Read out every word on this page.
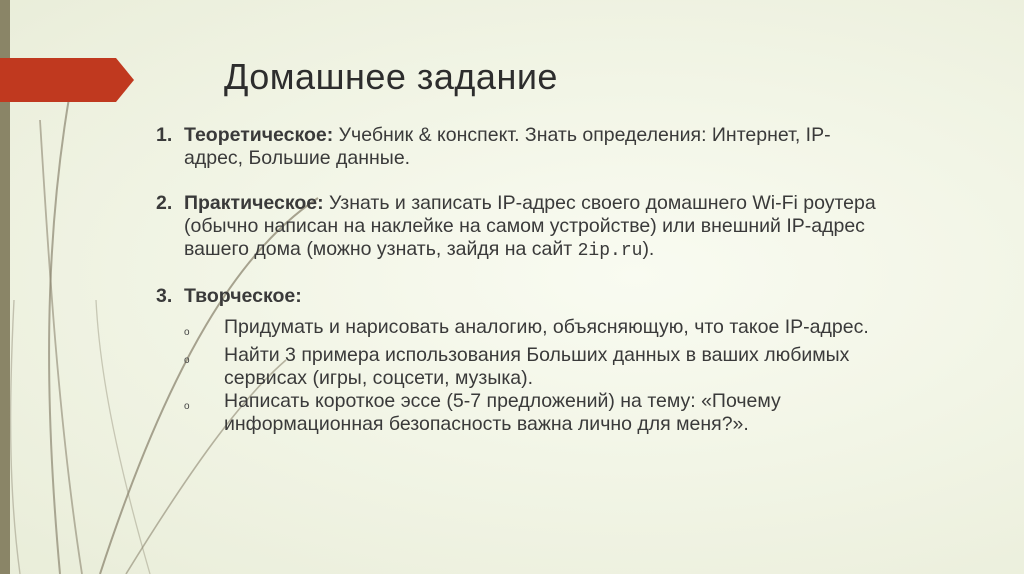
Домашнее задание
1. Теоретическое: Учебник & конспект. Знать определения: Интернет, IP-адрес, Большие данные.
2. Практическое: Узнать и записать IP-адрес своего домашнего Wi-Fi роутера (обычно написан на наклейке на самом устройстве) или внешний IP-адрес вашего дома (можно узнать, зайдя на сайт 2ip.ru).
3. Творческое:
o	Придумать и нарисовать аналогию, объясняющую, что такое IP-адрес.
o	Найти 3 примера использования Больших данных в ваших любимых сервисах (игры, соцсети, музыка).
o	Написать короткое эссе (5-7 предложений) на тему: «Почему информационная безопасность важна лично для меня?».
